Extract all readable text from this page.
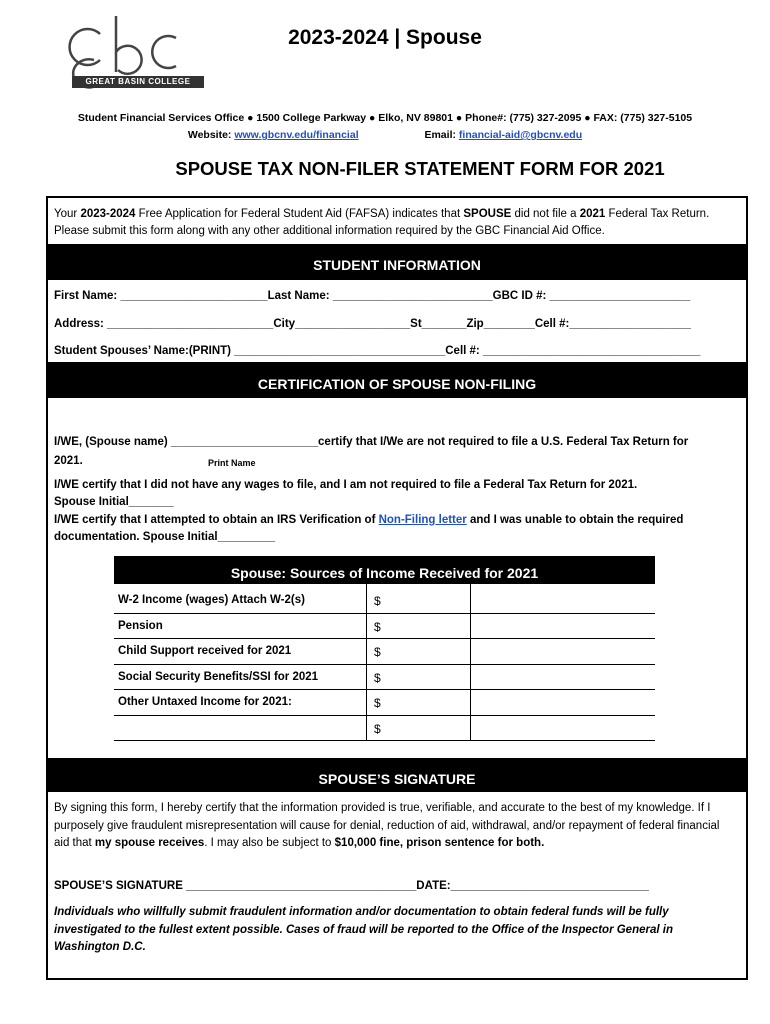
GREAT BASIN COLLEGE
2023-2024 | Spouse
Student Financial Services Office ● 1500 College Parkway ● Elko, NV 89801 ● Phone#: (775) 327-2095 ● FAX: (775) 327-5105
Website: www.gbcnv.edu/financial	Email: financial-aid@gbcnv.edu
SPOUSE TAX NON-FILER STATEMENT FORM FOR 2021
Your 2023-2024 Free Application for Federal Student Aid (FAFSA) indicates that SPOUSE did not file a 2021 Federal Tax Return. Please submit this form along with any other additional information required by the GBC Financial Aid Office.
STUDENT INFORMATION
First Name: _______________________Last Name: _________________________GBC ID #: ______________________
Address: __________________________City__________________St_______Zip________Cell #:___________________
Student Spouses’ Name:(PRINT) _________________________________Cell #: __________________________________
CERTIFICATION OF SPOUSE NON-FILING
I/WE, (Spouse name) _______________________certify that I/We are not required to file a U.S. Federal Tax Return for
2021.	Print Name
I/WE certify that I did not have any wages to file, and I am not required to file a Federal Tax Return for 2021.
Spouse Initial_______
I/WE certify that I attempted to obtain an IRS Verification of Non-Filing letter and I was unable to obtain the required
documentation. Spouse Initial_________
Spouse: Sources of Income Received for 2021
W-2 Income (wages) Attach W-2(s)	$
Pension	$
Child Support received for 2021	$
Social Security Benefits/SSI for 2021	$
Other Untaxed Income for 2021:	$
$
SPOUSE’S SIGNATURE
By signing this form, I hereby certify that the information provided is true, verifiable, and accurate to the best of my knowledge. If I purposely give fraudulent misrepresentation will cause for denial, reduction of aid, withdrawal, and/or repayment of federal financial aid that my spouse receives. I may also be subject to $10,000 fine, prison sentence for both.
SPOUSE’S SIGNATURE ____________________________________DATE:_______________________________
Individuals who willfully submit fraudulent information and/or documentation to obtain federal funds will be fully investigated to the fullest extent possible. Cases of fraud will be reported to the Office of the Inspector General in Washington D.C.
